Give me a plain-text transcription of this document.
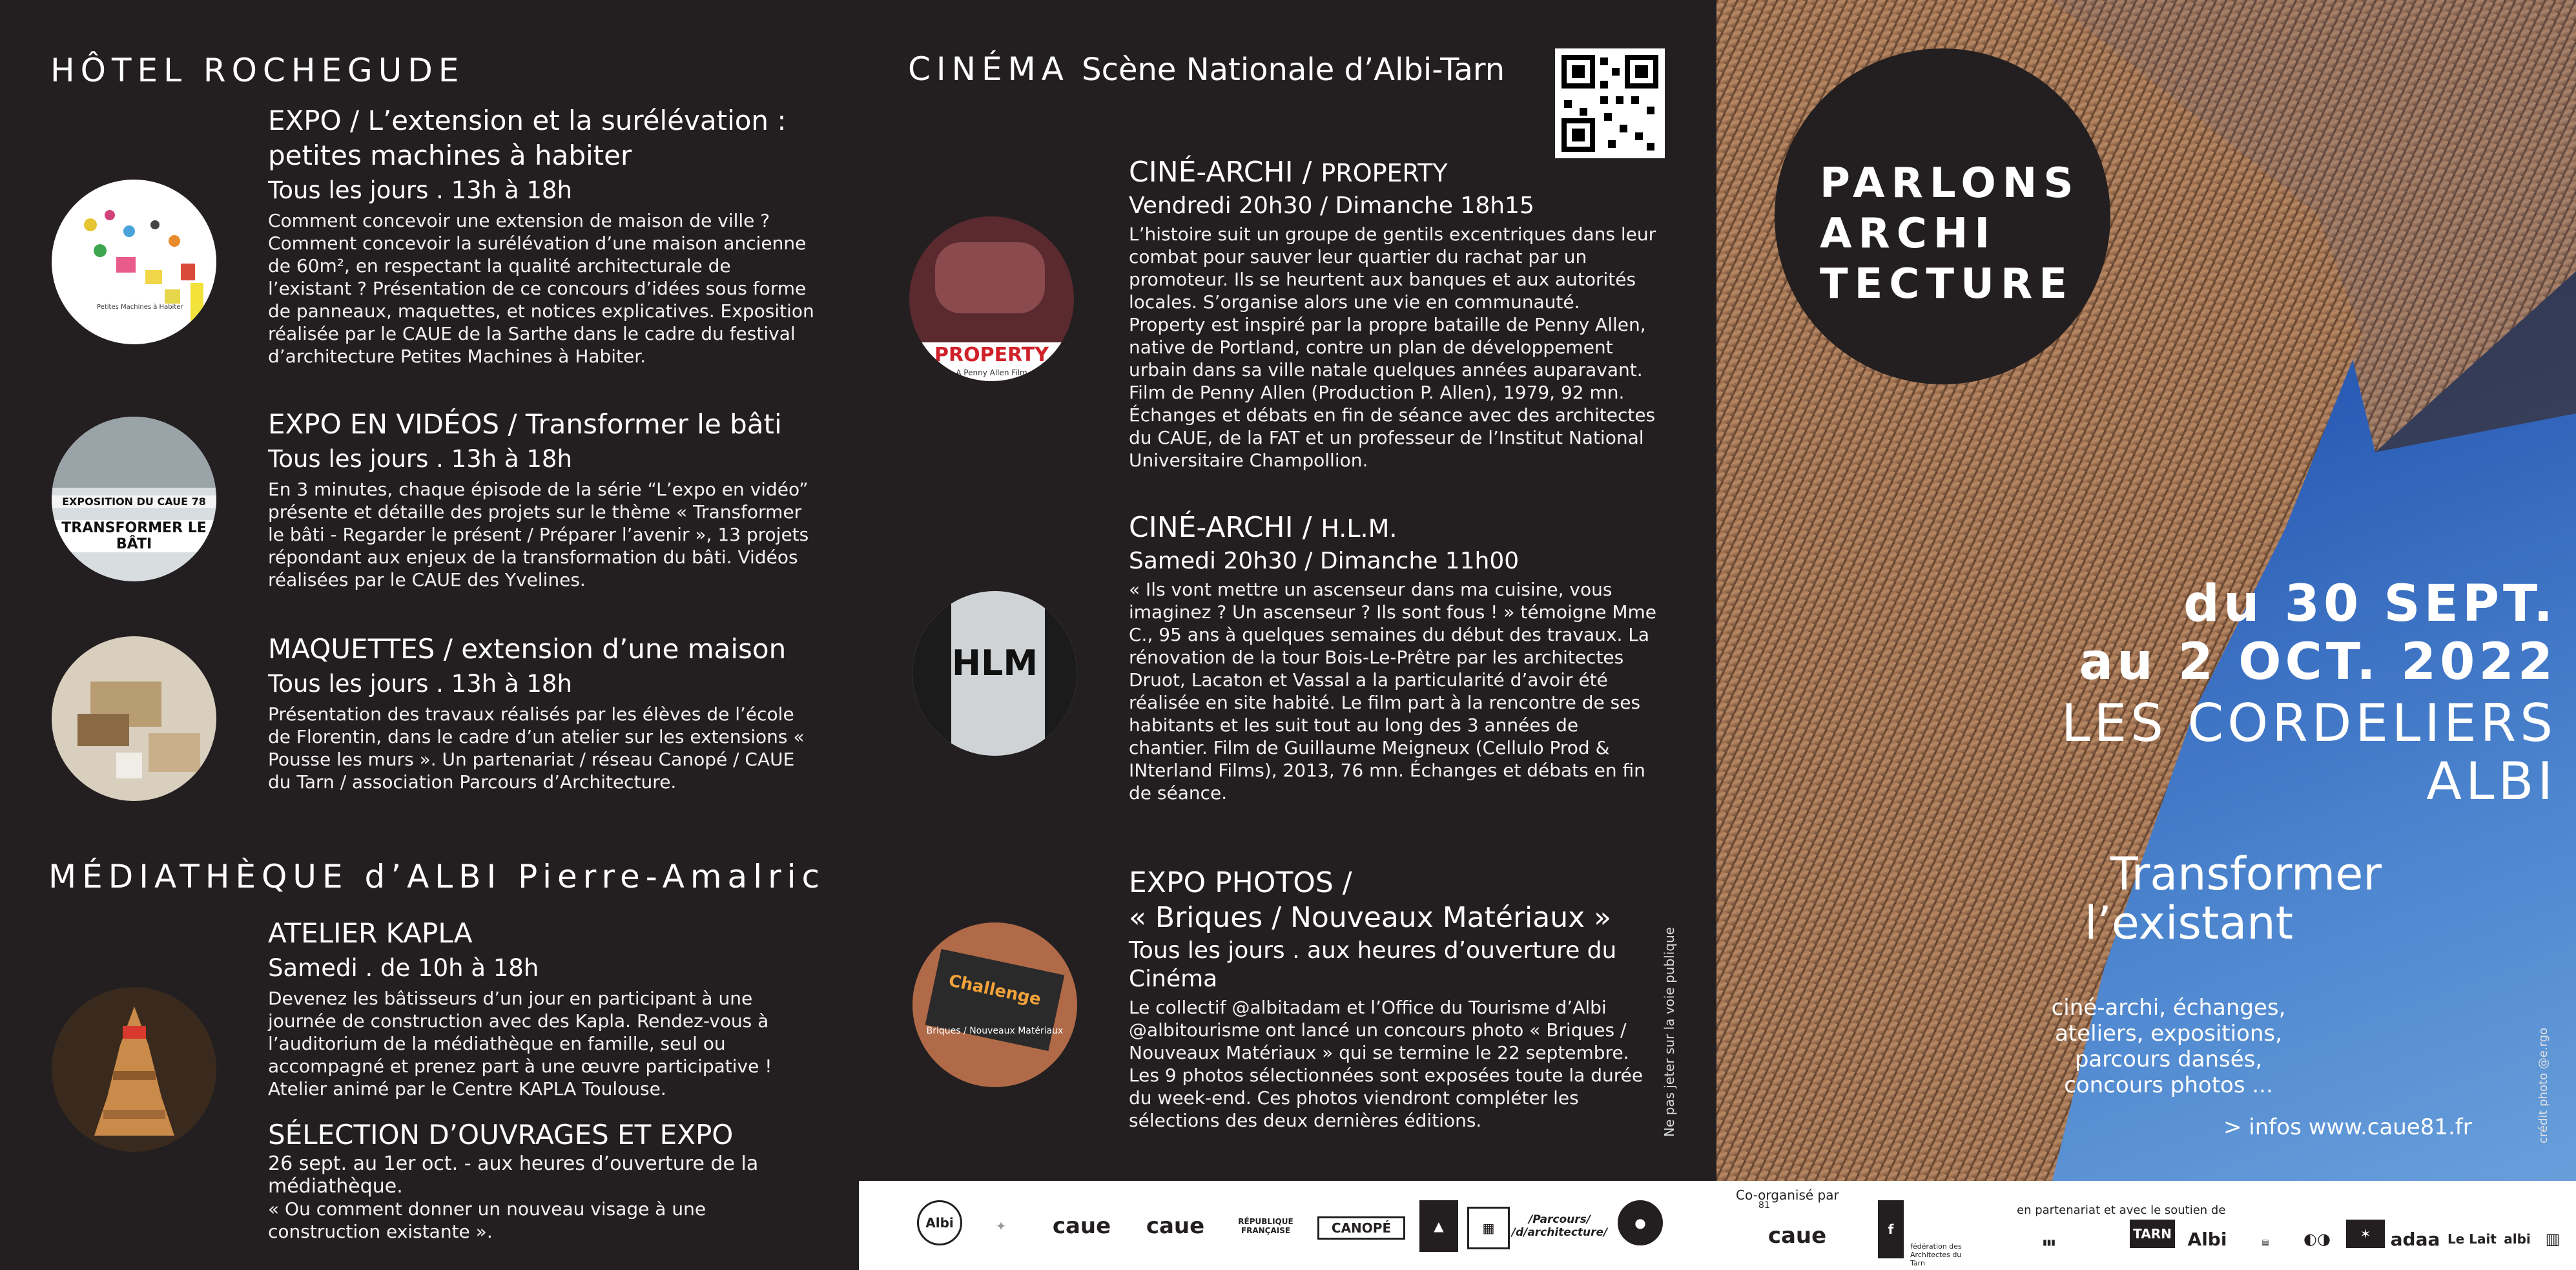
HÔTEL ROCHEGUDE
Petites Machines à Habiter

EXPO / L’extension et la surélévation :

petites machines à habiter

Tous les jours . 13h à 18h

Comment concevoir une extension de maison de ville ? Comment concevoir la surélévation d’une maison ancienne de 60m², en respectant la qualité architecturale de l’existant ? Présentation de ce concours d’idées sous forme de panneaux, maquettes, et notices explicatives. Exposition réalisée par le CAUE de la Sarthe dans le cadre du festival d’architecture Petites Machines à Habiter.

EXPOSITION DU CAUE 78
TRANSFORMER LE BÂTI

EXPO EN VIDÉOS / Transformer le bâti

Tous les jours . 13h à 18h

En 3 minutes, chaque épisode de la série “L’expo en vidéo” présente et détaille des projets sur le thème « Transformer le bâti - Regarder le présent / Préparer l’avenir », 13 projets répondant aux enjeux de la transformation du bâti. Vidéos réalisées par le CAUE des Yvelines.

MAQUETTES / extension d’une maison

Tous les jours . 13h à 18h

Présentation des travaux réalisés par les élèves de l’école de Florentin, dans le cadre d’un atelier sur les extensions « Pousse les murs ». Un partenariat / réseau Canopé / CAUE du Tarn / association Parcours d’Architecture.

MÉDIATHÈQUE d’ALBI Pierre-Amalric

ATELIER KAPLA

Samedi . de 10h à 18h

Devenez les bâtisseurs d’un jour en participant à une journée de construction avec des Kapla. Rendez-vous à l’auditorium de la médiathèque en famille, seul ou accompagné et prenez part à une œuvre participative ! Atelier animé par le Centre KAPLA Toulouse.

SÉLECTION D’OUVRAGES ET EXPO

26 sept. au 1er oct. - aux heures d’ouverture de la médiathèque.

« Ou comment donner un nouveau visage à une construction existante ».

CINÉMA Scène Nationale d’Albi-Tarn
PROPERTY
A Penny Allen Film

CINÉ-ARCHI / PROPERTY

Vendredi 20h30 / Dimanche 18h15

L’histoire suit un groupe de gentils excentriques dans leur combat pour sauver leur quartier du rachat par un promoteur. Ils se heurtent aux banques et aux autorités locales. S’organise alors une vie en communauté. Property est inspiré par la propre bataille de Penny Allen, native de Portland, contre un plan de développement urbain dans sa ville natale quelques années auparavant. Film de Penny Allen (Production P. Allen), 1979, 92 mn. Échanges et débats en fin de séance avec des architectes du CAUE, de la FAT et un professeur de l’Institut National Universitaire Champollion.

HLM

CINÉ-ARCHI / H.L.M.

Samedi 20h30 / Dimanche 11h00

« Ils vont mettre un ascenseur dans ma cuisine, vous imaginez ? Un ascenseur ? Ils sont fous ! » témoigne Mme C., 95 ans à quelques semaines du début des travaux. La rénovation de la tour Bois-Le-Prêtre par les architectes Druot, Lacaton et Vassal a la particularité d’avoir été réalisée en site habité. Le film part à la rencontre de ses habitants et les suit tout au long des 3 années de chantier. Film de Guillaume Meigneux (Cellulo Prod & INterland Films), 2013, 76 mn. Échanges et débats en fin de séance.

Challenge
Briques / Nouveaux Matériaux

EXPO PHOTOS /

« Briques / Nouveaux Matériaux »

Tous les jours . aux heures d’ouverture du Cinéma

Le collectif @albitadam et l’Office du Tourisme d’Albi @albitourisme ont lancé un concours photo « Briques / Nouveaux Matériaux » qui se termine le 22 septembre. Les 9 photos sélectionnées sont exposées toute la durée du week-end. Ces photos viendront compléter les sélections des deux dernières éditions.	Ne pas jeter sur la voie publique
PARLONS
ARCHI
TECTURE
du 30 SEPT.
au 2 OCT. 2022
LES CORDELIERS
ALBI
Transformer
l’existant
ciné-archi, échanges,
ateliers, expositions,
parcours dansés,
concours photos ...
> infos www.caue81.fr	crédit photo @e.rgo
Albi	✦	caue	caue	RÉPUBLIQUE FRANÇAISE	CANOPÉ	▲	▦
/Parcours/ /d/architecture/
●
Co-organisé par
81
caue	f
fédération des Architectes du Tarn
en partenariat et avec le soutien de
▮▮▮
TARN Albi	▤	◐◑	✶	adaa Le Lait albi ▥
